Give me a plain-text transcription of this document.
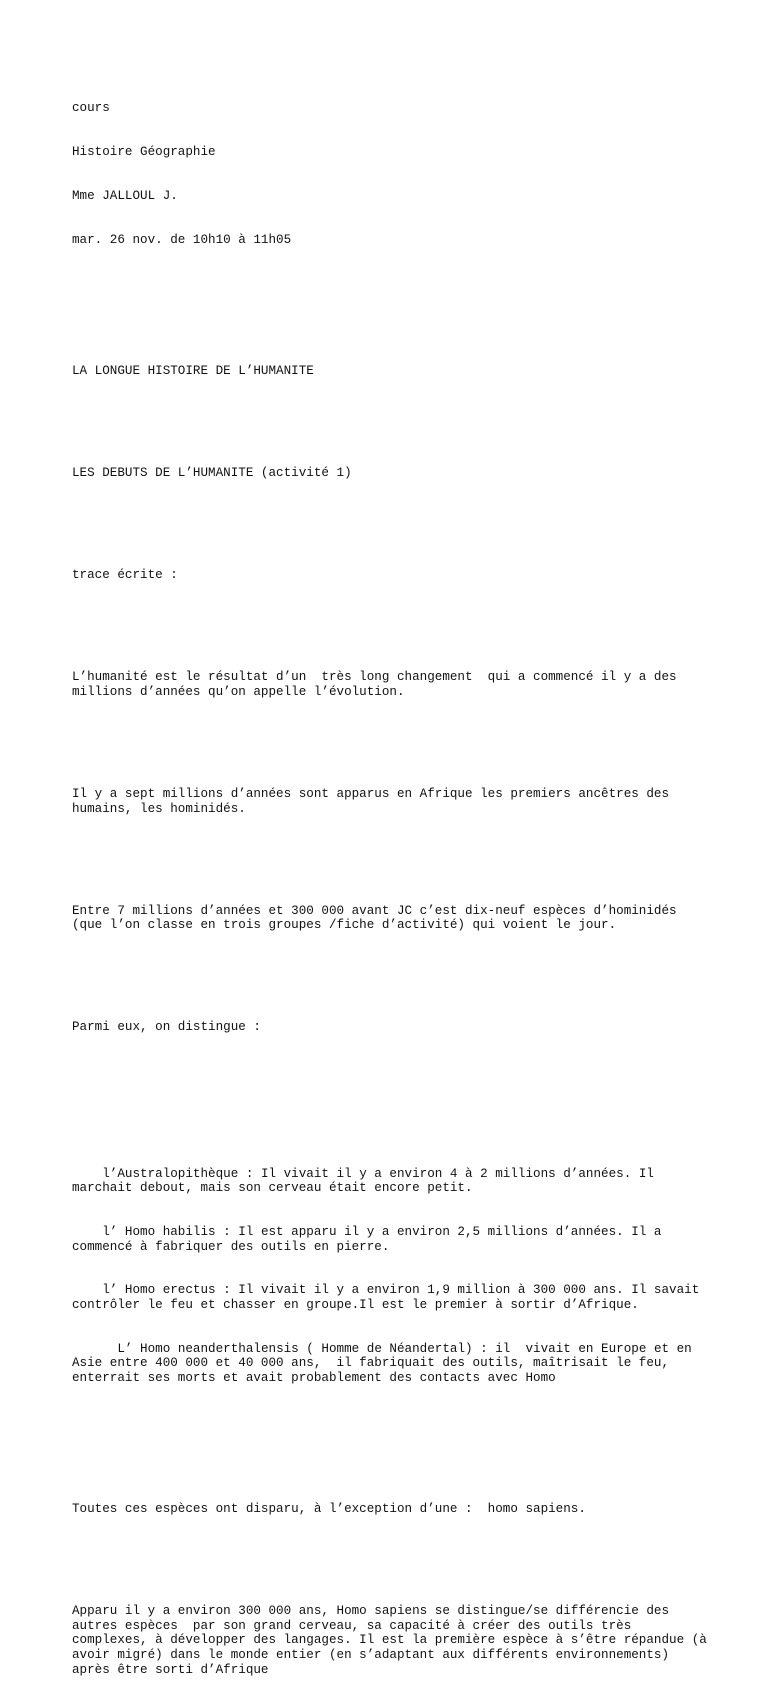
cours

Histoire Géographie

Mme JALLOUL J.

mar. 26 nov. de 10h10 à 11h05

LA LONGUE HISTOIRE DE L’HUMANITE

LES DEBUTS DE L’HUMANITE (activité 1)

trace écrite :

L’humanité est le résultat d’un  très long changement  qui a commencé il y a des millions d’années qu’on appelle l’évolution.

Il y a sept millions d’années sont apparus en Afrique les premiers ancêtres des humains, les hominidés.

Entre 7 millions d’années et 300 000 avant JC c’est dix-neuf espèces d’hominidés (que l’on classe en trois groupes /fiche d’activité) qui voient le jour.

Parmi eux, on distingue :

l’Australopithèque : Il vivait il y a environ 4 à 2 millions d’années. Il marchait debout, mais son cerveau était encore petit.

l’ Homo habilis : Il est apparu il y a environ 2,5 millions d’années. Il a commencé à fabriquer des outils en pierre.

l’ Homo erectus : Il vivait il y a environ 1,9 million à 300 000 ans. Il savait contrôler le feu et chasser en groupe.Il est le premier à sortir d’Afrique.

L’ Homo neanderthalensis ( Homme de Néandertal) : il  vivait en Europe et en Asie entre 400 000 et 40 000 ans,  il fabriquait des outils, maîtrisait le feu, enterrait ses morts et avait probablement des contacts avec Homo

Toutes ces espèces ont disparu, à l’exception d’une :  homo sapiens.

Apparu il y a environ 300 000 ans, Homo sapiens se distingue/se différencie des autres espèces  par son grand cerveau, sa capacité à créer des outils très complexes, à développer des langages. Il est la première espèce à s’être répandue (à avoir migré) dans le monde entier (en s’adaptant aux différents environnements) après être sorti d’Afrique
